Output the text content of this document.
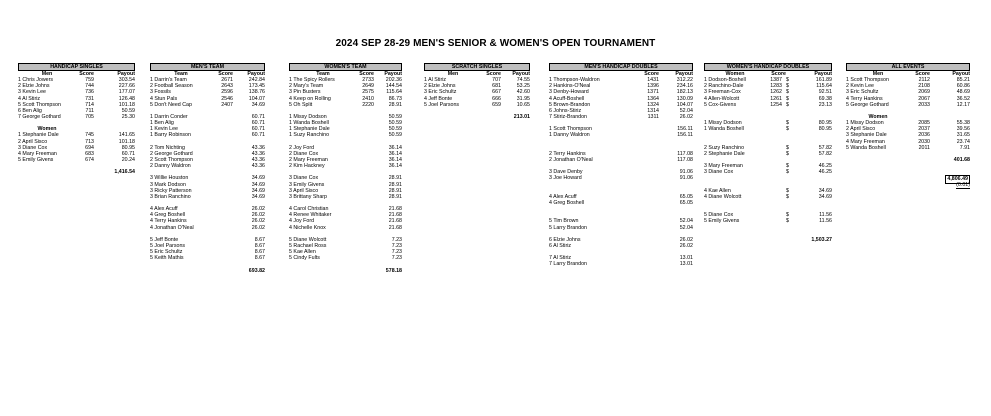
2024 SEP 28-29 MEN'S SENIOR & WOMEN'S OPEN TOURNAMENT
HANDICAP SINGLES
Men	Score	Payout
1 Chris Jowers	759	303.54
2 Elzie Johns	744	227.66
3 Kevin Lee	736	177.07
4 Al Stiriz	731	126.48
5 Scott Thompson	714	101.18
6 Ben Alig	711	50.59
7 George Gothard	705	25.30
Women
1 Stephanie Dale	745	141.65
2 April Sisco	713	101.18
3 Diane Cox	694	80.95
4 Mary Freeman	683	60.71
5 Emily Givens	674	20.24
1,416.54
MEN'S TEAM
Team	Score	Payout
1 Darrin's Team	2671	242.84
2 Football Season	2643	173.45
3 Fossils	2596	138.76
4 Stun Pals	2546	104.07
5 Don't Need Cap	2407	34.69
1 Darrin Conder	60.71
1 Ben Alig	60.71
1 Kevin Lee	60.71
1 Barry Robinson	60.71
2 Tom Nichting	43.36
2 George Gothard	43.36
2 Scott Thompson	43.36
2 Danny Waldron	43.36
3 Willie Houston	34.69
3 Mark Dodson	34.69
3 Ricky Patterson	34.69
3 Brian Ranchino	34.69
4 Alex Acuff	26.02
4 Greg Boshell	26.02
4 Terry Hankins	26.02
4 Jonathan O'Neal	26.02
5 Jeff Bonte	8.67
5 Joel Parsons	8.67
5 Eric Schultz	8.67
5 Keith Mathis	8.67
693.82
WOMEN'S TEAM
Team	Score	Payout
1 The Spicy Rollers	2733	202.36
2 Mary's Team	2649	144.54
3 Pin Busters	2575	115.64
4 Keep on Rolling	2410	86.73
5 Oh Split	2220	28.91
1 Missy Dodson	50.59
1 Wanda Boshell	50.59
1 Stephanie Dale	50.59
1 Suzy Ranchino	50.59
2 Joy Ford	36.14
2 Diane Cox	36.14
2 Mary Freeman	36.14
2 Kim Hackney	36.14
3 Diane Cox	28.91
3 Emily Givens	28.91
3 April Sisco	28.91
3 Brittany Sharp	28.91
4 Carol Christian	21.68
4 Renee Whitaker	21.68
4 Joy Ford	21.68
4 Nichelle Knox	21.68
5 Diane Wolcott	7.23
5 Rachael Ross	7.23
5 Kae Allen	7.23
5 Cindy Fults	7.23
578.18
SCRATCH SINGLES
Men	Score	Payout
1 Al Stiriz	707	74.55
2 Elzie Johns	681	53.25
3 Eric Schultz	667	42.60
4 Jeff Bonte	666	31.95
5 Joel Parsons	659	10.65
213.01
MEN'S HANDICAP DOUBLES
Score	Payout
1 Thompson-Waldron	1431	312.22
2 Hankins-O'Neal	1396	234.16
3 Denby-Howard	1371	182.13
4 Acuff-Boshell	1364	130.09
5 Brown-Brandon	1324	104.07
6 Johns-Stiriz	1314	52.04
7 Stiriz-Brandon	1311	26.02
1 Scott Thompson	156.11
1 Danny Waldron	156.11
2 Terry Hankins	117.08
2 Jonathan O'Neal	117.08
3 Dave Denby	91.06
3 Joe Howard	91.06
4 Alex Acuff	65.05
4 Greg Boshell	65.05
5 Tim Brown	52.04
5 Larry Brandon	52.04
6 Elzie Johns	26.02
6 Al Stiriz	26.02
7 Al Stiriz	13.01
7 Larry Brandon	13.01
WOMEN'S HANDICAP DOUBLES
Women	Score	Payout
1 Dodson-Boshell	1387 $	161.89
2 Ranchino-Dale	1283 $	115.64
3 Freeman-Cox	1262 $	92.51
4 Allen-Wolcott	1261 $	69.38
5 Cox-Givens	1254 $	23.13
1 Missy Dodson	$	80.95
1 Wanda Boshell	$	80.95
2 Suzy Ranchino	$	57.82
2 Stephanie Dale	$	57.82
3 Mary Freeman	$	46.25
3 Diane Cox	$	46.25
4 Kae Allen	$	34.69
4 Diane Wolcott	$	34.69
5 Diane Cox	$	11.56
5 Emily Givens	$	11.56
1,503.27
ALL EVENTS
Men	Score	Payout
1 Scott Thompson	2112	85.21
2 Kevin Lee	2108	60.86
3 Eric Schultz	2069	48.69
4 Terry Hankins	2067	36.52
5 George Gothard	2033	12.17
Women
1 Missy Dodson	2085	55.38
2 April Sisco	2037	39.56
3 Stephanie Dale	2036	31.65
4 Mary Freeman	2030	23.74
5 Wanda Boshell	2011	7.91
401.68
4,806.49
(0.01)
